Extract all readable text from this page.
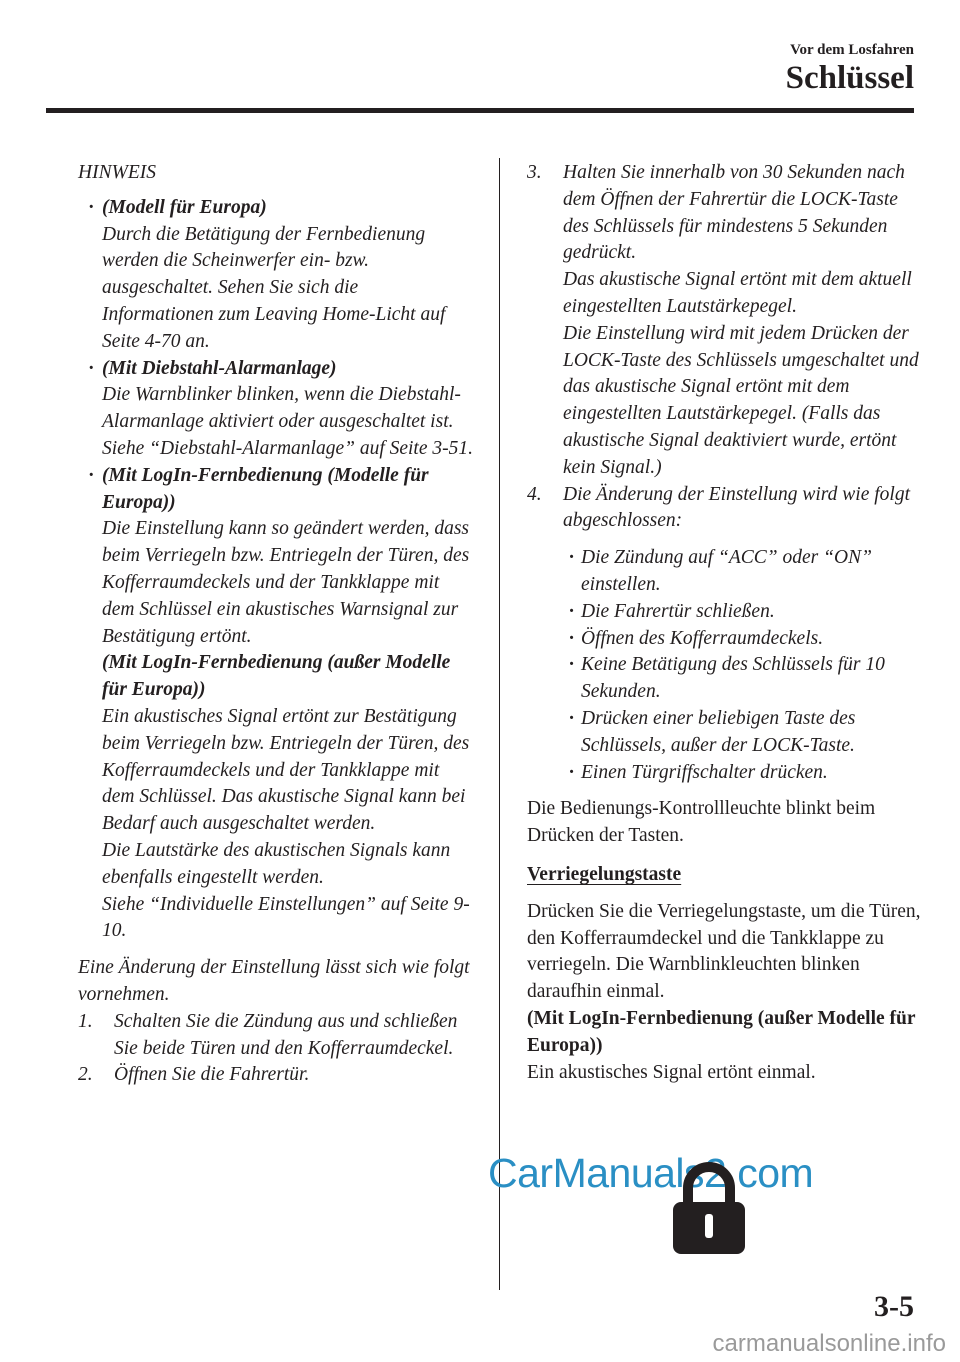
Vor dem Losfahren
Schlüssel
HINWEIS
· (Modell für Europa)
Durch die Betätigung der Fernbedienung werden die Scheinwerfer ein- bzw. ausgeschaltet. Sehen Sie sich die Informationen zum Leaving Home-Licht auf Seite 4-70 an.
· (Mit Diebstahl-Alarmanlage)
Die Warnblinker blinken, wenn die Diebstahl-Alarmanlage aktiviert oder ausgeschaltet ist.
Siehe “Diebstahl-Alarmanlage” auf Seite 3-51.
· (Mit LogIn-Fernbedienung (Modelle für Europa))
Die Einstellung kann so geändert werden, dass beim Verriegeln bzw. Entriegeln der Türen, des Kofferraumdeckels und der Tankklappe mit dem Schlüssel ein akustisches Warnsignal zur Bestätigung ertönt.
(Mit LogIn-Fernbedienung (außer Modelle für Europa))
Ein akustisches Signal ertönt zur Bestätigung beim Verriegeln bzw. Entriegeln der Türen, des Kofferraumdeckels und der Tankklappe mit dem Schlüssel. Das akustische Signal kann bei Bedarf auch ausgeschaltet werden.
Die Lautstärke des akustischen Signals kann ebenfalls eingestellt werden.
Siehe “Individuelle Einstellungen” auf Seite 9-10.
Eine Änderung der Einstellung lässt sich wie folgt vornehmen.
1. Schalten Sie die Zündung aus und schließen Sie beide Türen und den Kofferraumdeckel.
2. Öffnen Sie die Fahrertür.
3. Halten Sie innerhalb von 30 Sekunden nach dem Öffnen der Fahrertür die LOCK-Taste des Schlüssels für mindestens 5 Sekunden gedrückt.
Das akustische Signal ertönt mit dem aktuell eingestellten Lautstärkepegel.
Die Einstellung wird mit jedem Drücken der LOCK-Taste des Schlüssels umgeschaltet und das akustische Signal ertönt mit dem eingestellten Lautstärkepegel. (Falls das akustische Signal deaktiviert wurde, ertönt kein Signal.)
4. Die Änderung der Einstellung wird wie folgt abgeschlossen:
· Die Zündung auf “ACC” oder “ON” einstellen.
· Die Fahrertür schließen.
· Öffnen des Kofferraumdeckels.
· Keine Betätigung des Schlüssels für 10 Sekunden.
· Drücken einer beliebigen Taste des Schlüssels, außer der LOCK-Taste.
· Einen Türgriffschalter drücken.
Die Bedienungs-Kontrollleuchte blinkt beim Drücken der Tasten.
Verriegelungstaste
Drücken Sie die Verriegelungstaste, um die Türen, den Kofferraumdeckel und die Tankklappe zu verriegeln. Die Warnblinkleuchten blinken daraufhin einmal.
(Mit LogIn-Fernbedienung (außer Modelle für Europa))
Ein akustisches Signal ertönt einmal.
CarManuals2.com
3-5
carmanualsonline.info
